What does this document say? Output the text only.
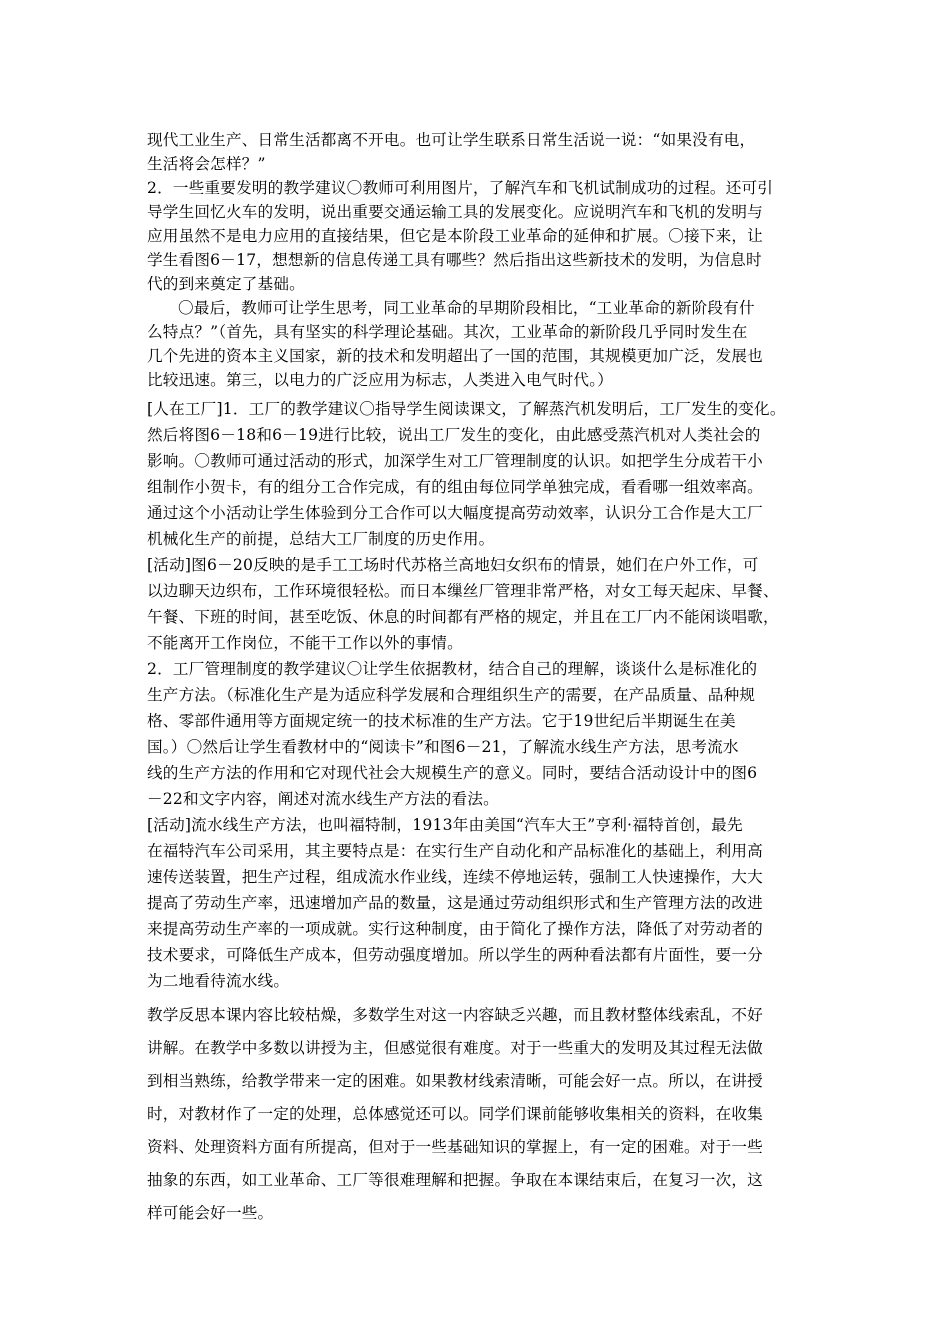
现代工业生产、日常生活都离不开电。也可让学生联系日常生活说一说：“如果没有电，
生活将会怎样？”
2．一些重要发明的教学建议〇教师可利用图片，了解汽车和飞机试制成功的过程。还可引
导学生回忆火车的发明，说出重要交通运输工具的发展变化。应说明汽车和飞机的发明与
应用虽然不是电力应用的直接结果，但它是本阶段工业革命的延伸和扩展。〇接下来，让
学生看图6－17，想想新的信息传递工具有哪些？然后指出这些新技术的发明，为信息时
代的到来奠定了基础。
〇最后，教师可让学生思考，同工业革命的早期阶段相比，“工业革命的新阶段有什
么特点？”（首先，具有坚实的科学理论基础。其次，工业革命的新阶段几乎同时发生在
几个先进的资本主义国家，新的技术和发明超出了一国的范围，其规模更加广泛，发展也
比较迅速。第三，以电力的广泛应用为标志，人类进入电气时代。）
[人在工厂]1．工厂的教学建议〇指导学生阅读课文，了解蒸汽机发明后，工厂发生的变化。
然后将图6－18和6－19进行比较，说出工厂发生的变化，由此感受蒸汽机对人类社会的
影响。〇教师可通过活动的形式，加深学生对工厂管理制度的认识。如把学生分成若干小
组制作小贺卡，有的组分工合作完成，有的组由每位同学单独完成，看看哪一组效率高。
通过这个小活动让学生体验到分工合作可以大幅度提高劳动效率，认识分工合作是大工厂
机械化生产的前提，总结大工厂制度的历史作用。
[活动]图6－20反映的是手工工场时代苏格兰高地妇女织布的情景，她们在户外工作，可
以边聊天边织布，工作环境很轻松。而日本缫丝厂管理非常严格，对女工每天起床、早餐、
午餐、下班的时间，甚至吃饭、休息的时间都有严格的规定，并且在工厂内不能闲谈唱歌，
不能离开工作岗位，不能干工作以外的事情。
2．工厂管理制度的教学建议〇让学生依据教材，结合自己的理解，谈谈什么是标准化的
生产方法。（标准化生产是为适应科学发展和合理组织生产的需要，在产品质量、品种规
格、零部件通用等方面规定统一的技术标准的生产方法。它于19世纪后半期诞生在美
国。）〇然后让学生看教材中的“阅读卡”和图6－21，了解流水线生产方法，思考流水
线的生产方法的作用和它对现代社会大规模生产的意义。同时，要结合活动设计中的图6
－22和文字内容，阐述对流水线生产方法的看法。
[活动]流水线生产方法，也叫福特制，1913年由美国“汽车大王”亨利·福特首创，最先
在福特汽车公司采用，其主要特点是：在实行生产自动化和产品标准化的基础上，利用高
速传送装置，把生产过程，组成流水作业线，连续不停地运转，强制工人快速操作，大大
提高了劳动生产率，迅速增加产品的数量，这是通过劳动组织形式和生产管理方法的改进
来提高劳动生产率的一项成就。实行这种制度，由于简化了操作方法，降低了对劳动者的
技术要求，可降低生产成本，但劳动强度增加。所以学生的两种看法都有片面性，要一分
为二地看待流水线。
教学反思本课内容比较枯燥，多数学生对这一内容缺乏兴趣，而且教材整体线索乱，不好
讲解。在教学中多数以讲授为主，但感觉很有难度。对于一些重大的发明及其过程无法做
到相当熟练，给教学带来一定的困难。如果教材线索清晰，可能会好一点。所以，在讲授
时，对教材作了一定的处理，总体感觉还可以。同学们课前能够收集相关的资料，在收集
资料、处理资料方面有所提高，但对于一些基础知识的掌握上，有一定的困难。对于一些
抽象的东西，如工业革命、工厂等很难理解和把握。争取在本课结束后，在复习一次，这
样可能会好一些。
